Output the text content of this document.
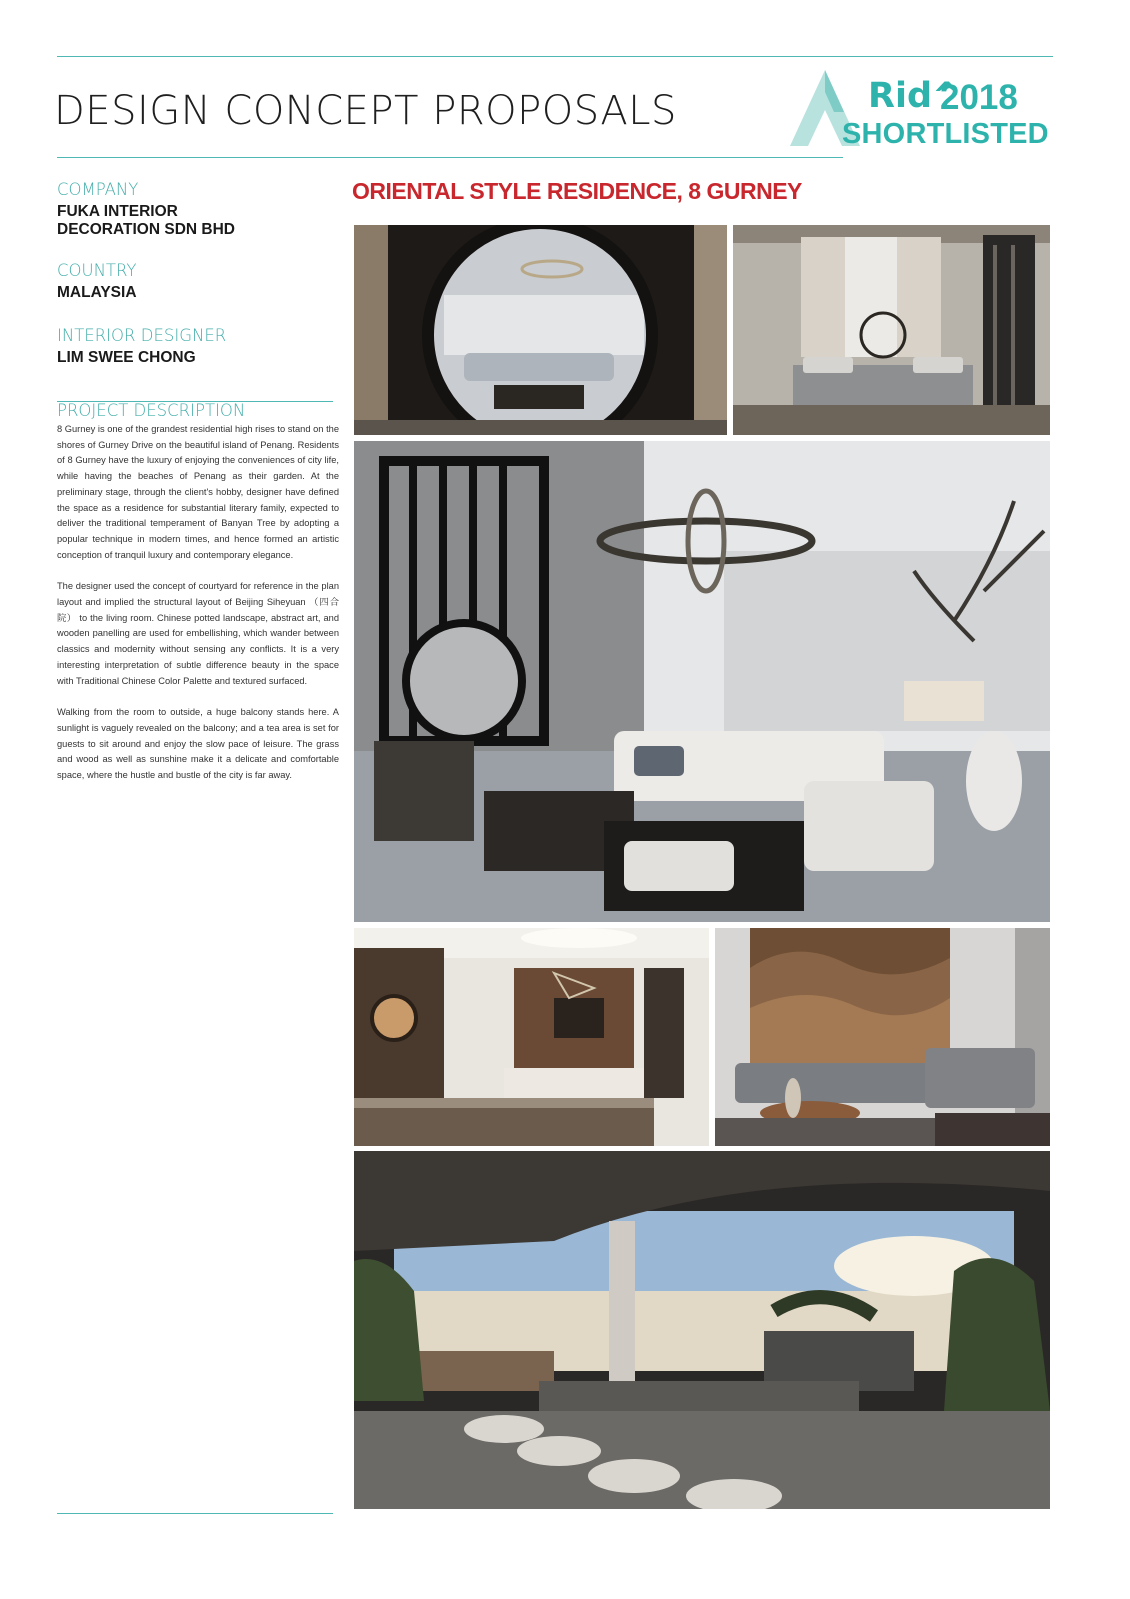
DESIGN CONCEPT PROPOSALS	Rid^
2018
SHORTLISTED

COMPANY

FUKA INTERIOR
DECORATION SDN BHD

COUNTRY

MALAYSIA

INTERIOR DESIGNER

LIM SWEE CHONG

PROJECT DESCRIPTION

8 Gurney is one of the grandest residential high rises to stand on the shores of Gurney Drive on the beautiful island of Penang. Residents of 8 Gurney have the luxury of enjoying the conveniences of city life, while having the beaches of Penang as their garden. At the preliminary stage, through the client's hobby, designer have defined the space as a residence for substantial literary family, expected to deliver the traditional temperament of Banyan Tree by adopting a popular technique in modern times, and hence formed an artistic conception of tranquil luxury and contemporary elegance.

The designer used the concept of courtyard for reference in the plan layout and implied the structural layout of Beijing Siheyuan （四合院） to the living room. Chinese potted landscape, abstract art, and wooden panelling are used for embellishing, which wander between classics and modernity without sensing any conflicts. It is a very interesting interpretation of subtle difference beauty in the space with Traditional Chinese Color Palette and textured surfaced.

Walking from the room to outside, a huge balcony stands here. A sunlight is vaguely revealed on the balcony; and a tea area is set for guests to sit around and enjoy the slow pace of leisure. The grass and wood as well as sunshine make it a delicate and comfortable space, where the hustle and bustle of the city is far away.

ORIENTAL STYLE RESIDENCE, 8 GURNEY
